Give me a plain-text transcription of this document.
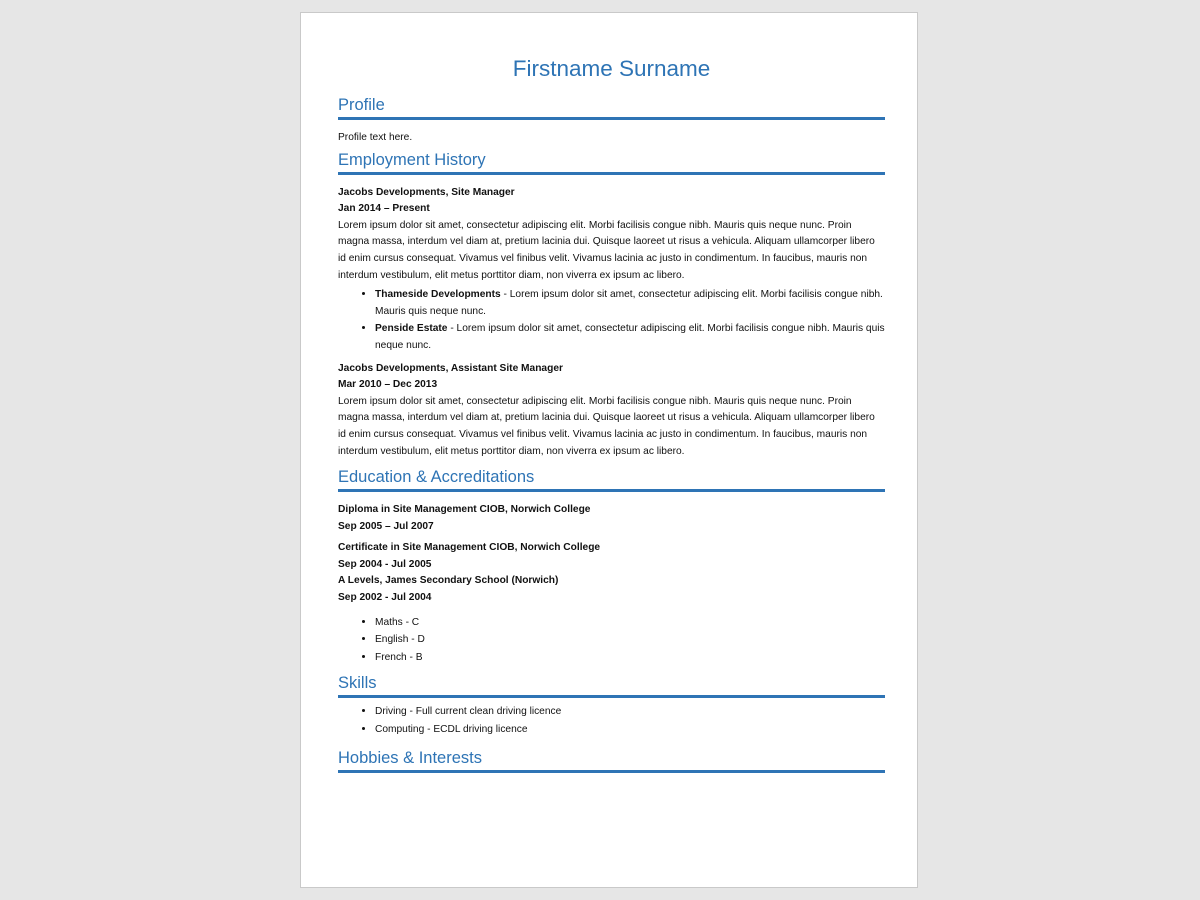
Firstname Surname
Profile

Profile text here.

Employment History

Jacobs Developments, Site Manager

Jan 2014 – Present

Lorem ipsum dolor sit amet, consectetur adipiscing elit. Morbi facilisis congue nibh. Mauris quis neque nunc. Proin magna massa, interdum vel diam at, pretium lacinia dui. Quisque laoreet ut risus a vehicula. Aliquam ullamcorper libero id enim cursus consequat. Vivamus vel finibus velit. Vivamus lacinia ac justo in condimentum. In faucibus, mauris non interdum vestibulum, elit metus porttitor diam, non viverra ex ipsum ac libero.

• Thameside Developments - Lorem ipsum dolor sit amet, consectetur adipiscing elit. Morbi facilisis congue nibh. Mauris quis neque nunc.
• Penside Estate - Lorem ipsum dolor sit amet, consectetur adipiscing elit. Morbi facilisis congue nibh. Mauris quis neque nunc.

Jacobs Developments, Assistant Site Manager

Mar 2010 – Dec 2013

Lorem ipsum dolor sit amet, consectetur adipiscing elit. Morbi facilisis congue nibh. Mauris quis neque nunc. Proin magna massa, interdum vel diam at, pretium lacinia dui. Quisque laoreet ut risus a vehicula. Aliquam ullamcorper libero id enim cursus consequat. Vivamus vel finibus velit. Vivamus lacinia ac justo in condimentum. In faucibus, mauris non interdum vestibulum, elit metus porttitor diam, non viverra ex ipsum ac libero.

Education & Accreditations

Diploma in Site Management CIOB, Norwich College

Sep 2005 – Jul 2007

Certificate in Site Management CIOB, Norwich College

Sep 2004 - Jul 2005

A Levels, James Secondary School (Norwich)

Sep 2002 - Jul 2004

• Maths - C
• English - D
• French - B
Skills
• Driving - Full current clean driving licence
• Computing - ECDL driving licence
Hobbies & Interests
